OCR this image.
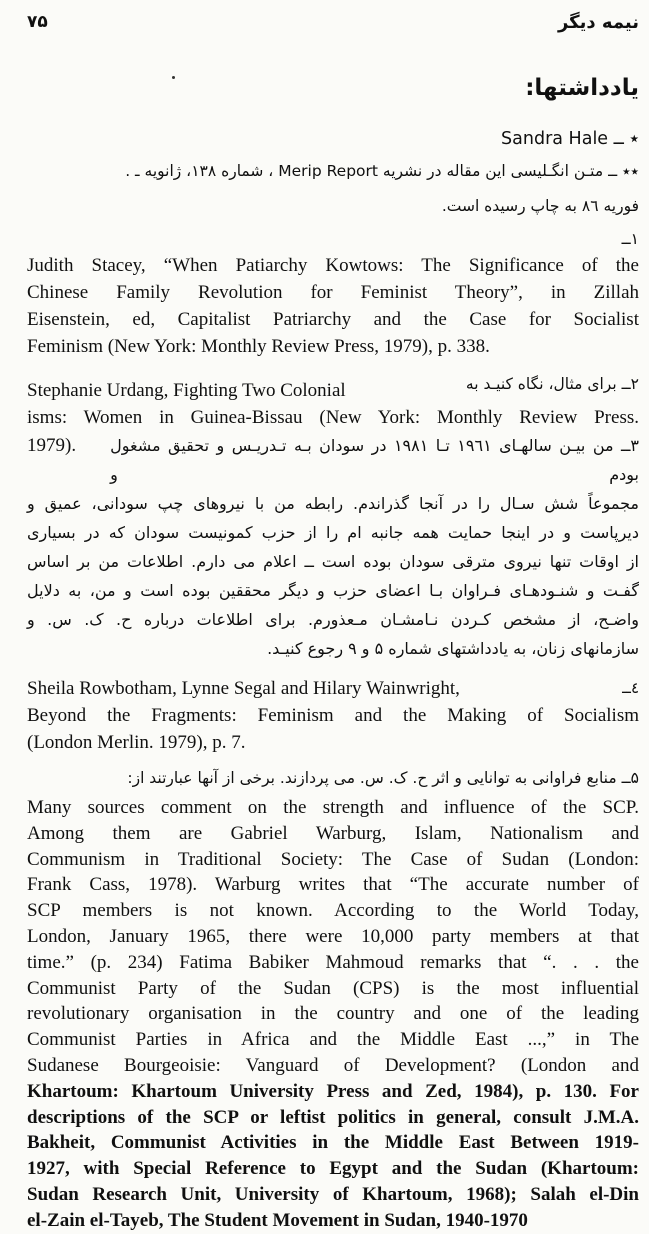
۷۵	نیمه دیگر
یادداشتها:
٭ ــ Sandra Hale
٭٭ ــ متـن انگـلیسی این مقاله در نشریه Merip Report ، شماره ۱۳۸، ژانویه ـ .
فوریه ۸٦ به چاپ رسیده است.
۱ــ
Judith Stacey, “When Patiarchy Kowtows: The Significance of the
Chinese Family Revolution for Feminist Theory”, in Zillah
Eisenstein, ed, Capitalist Patriarchy and the Case for Socialist
Feminism (New York: Monthly Review Press, 1979), p. 338.
Stephanie Urdang, Fighting Two Colonial	۲ــ برای مثال، نگاه کنیـد به
isms: Women in Guinea-Bissau (New York: Monthly Review Press.
1979). ۳ــ من بیـن سالهـای ۱۹٦۱ تـا ۱۹۸۱ در سودان بـه تـدریـس و تحقیق مشغول بودم و
مجموعاً شش سـال را در آنجا گذراندم. رابطه من با نیروهای چپ سودانی، عمیق و
دیرپاست و در اینجا حمایت همه جانبه ام را از حزب کمونیست سودان که در بسیاری
از اوقات تنها نیروی مترقی سودان بوده است ــ اعلام می دارم. اطلاعات من بر اساس
گفـت و شنـودهـای فـراوان بـا اعضای حزب و دیگر محققین بوده است و من، به دلایل
واضـح، از مشخص کـردن نـامشـان مـعذورم. برای اطلاعات درباره ح. ک. س. و
سازمانهای زنان، به یادداشتهای شماره ۵ و ۹ رجوع کنیـد.
Sheila Rowbotham, Lynne Segal and Hilary Wainwright,	٤ــ
Beyond the Fragments: Feminism and the Making of Socialism
(London Merlin. 1979), p. 7.
۵ــ منابع فراوانی به توانایی و اثر ح. ک. س. می پردازند. برخی از آنها عبارتند از:
Many sources comment on the strength and influence of the SCP.
Among them are Gabriel Warburg, Islam, Nationalism and
Communism in Traditional Society: The Case of Sudan (London:
Frank Cass, 1978). Warburg writes that “The accurate number of
SCP members is not known. According to the World Today,
London, January 1965, there were 10,000 party members at that
time.” (p. 234) Fatima Babiker Mahmoud remarks that “. . . the
Communist Party of the Sudan (CPS) is the most influential
revolutionary organisation in the country and one of the leading
Communist Parties in Africa and the Middle East ...,” in The
Sudanese Bourgeoisie: Vanguard of Development? (London and
Khartoum: Khartoum University Press and Zed, 1984), p. 130. For
descriptions of the SCP or leftist politics in general, consult J.M.A.
Bakheit, Communist Activities in the Middle East Between 1919-
1927, with Special Reference to Egypt and the Sudan (Khartoum:
Sudan Research Unit, University of Khartoum, 1968); Salah el-Din
el-Zain el-Tayeb, The Student Movement in Sudan, 1940-1970
